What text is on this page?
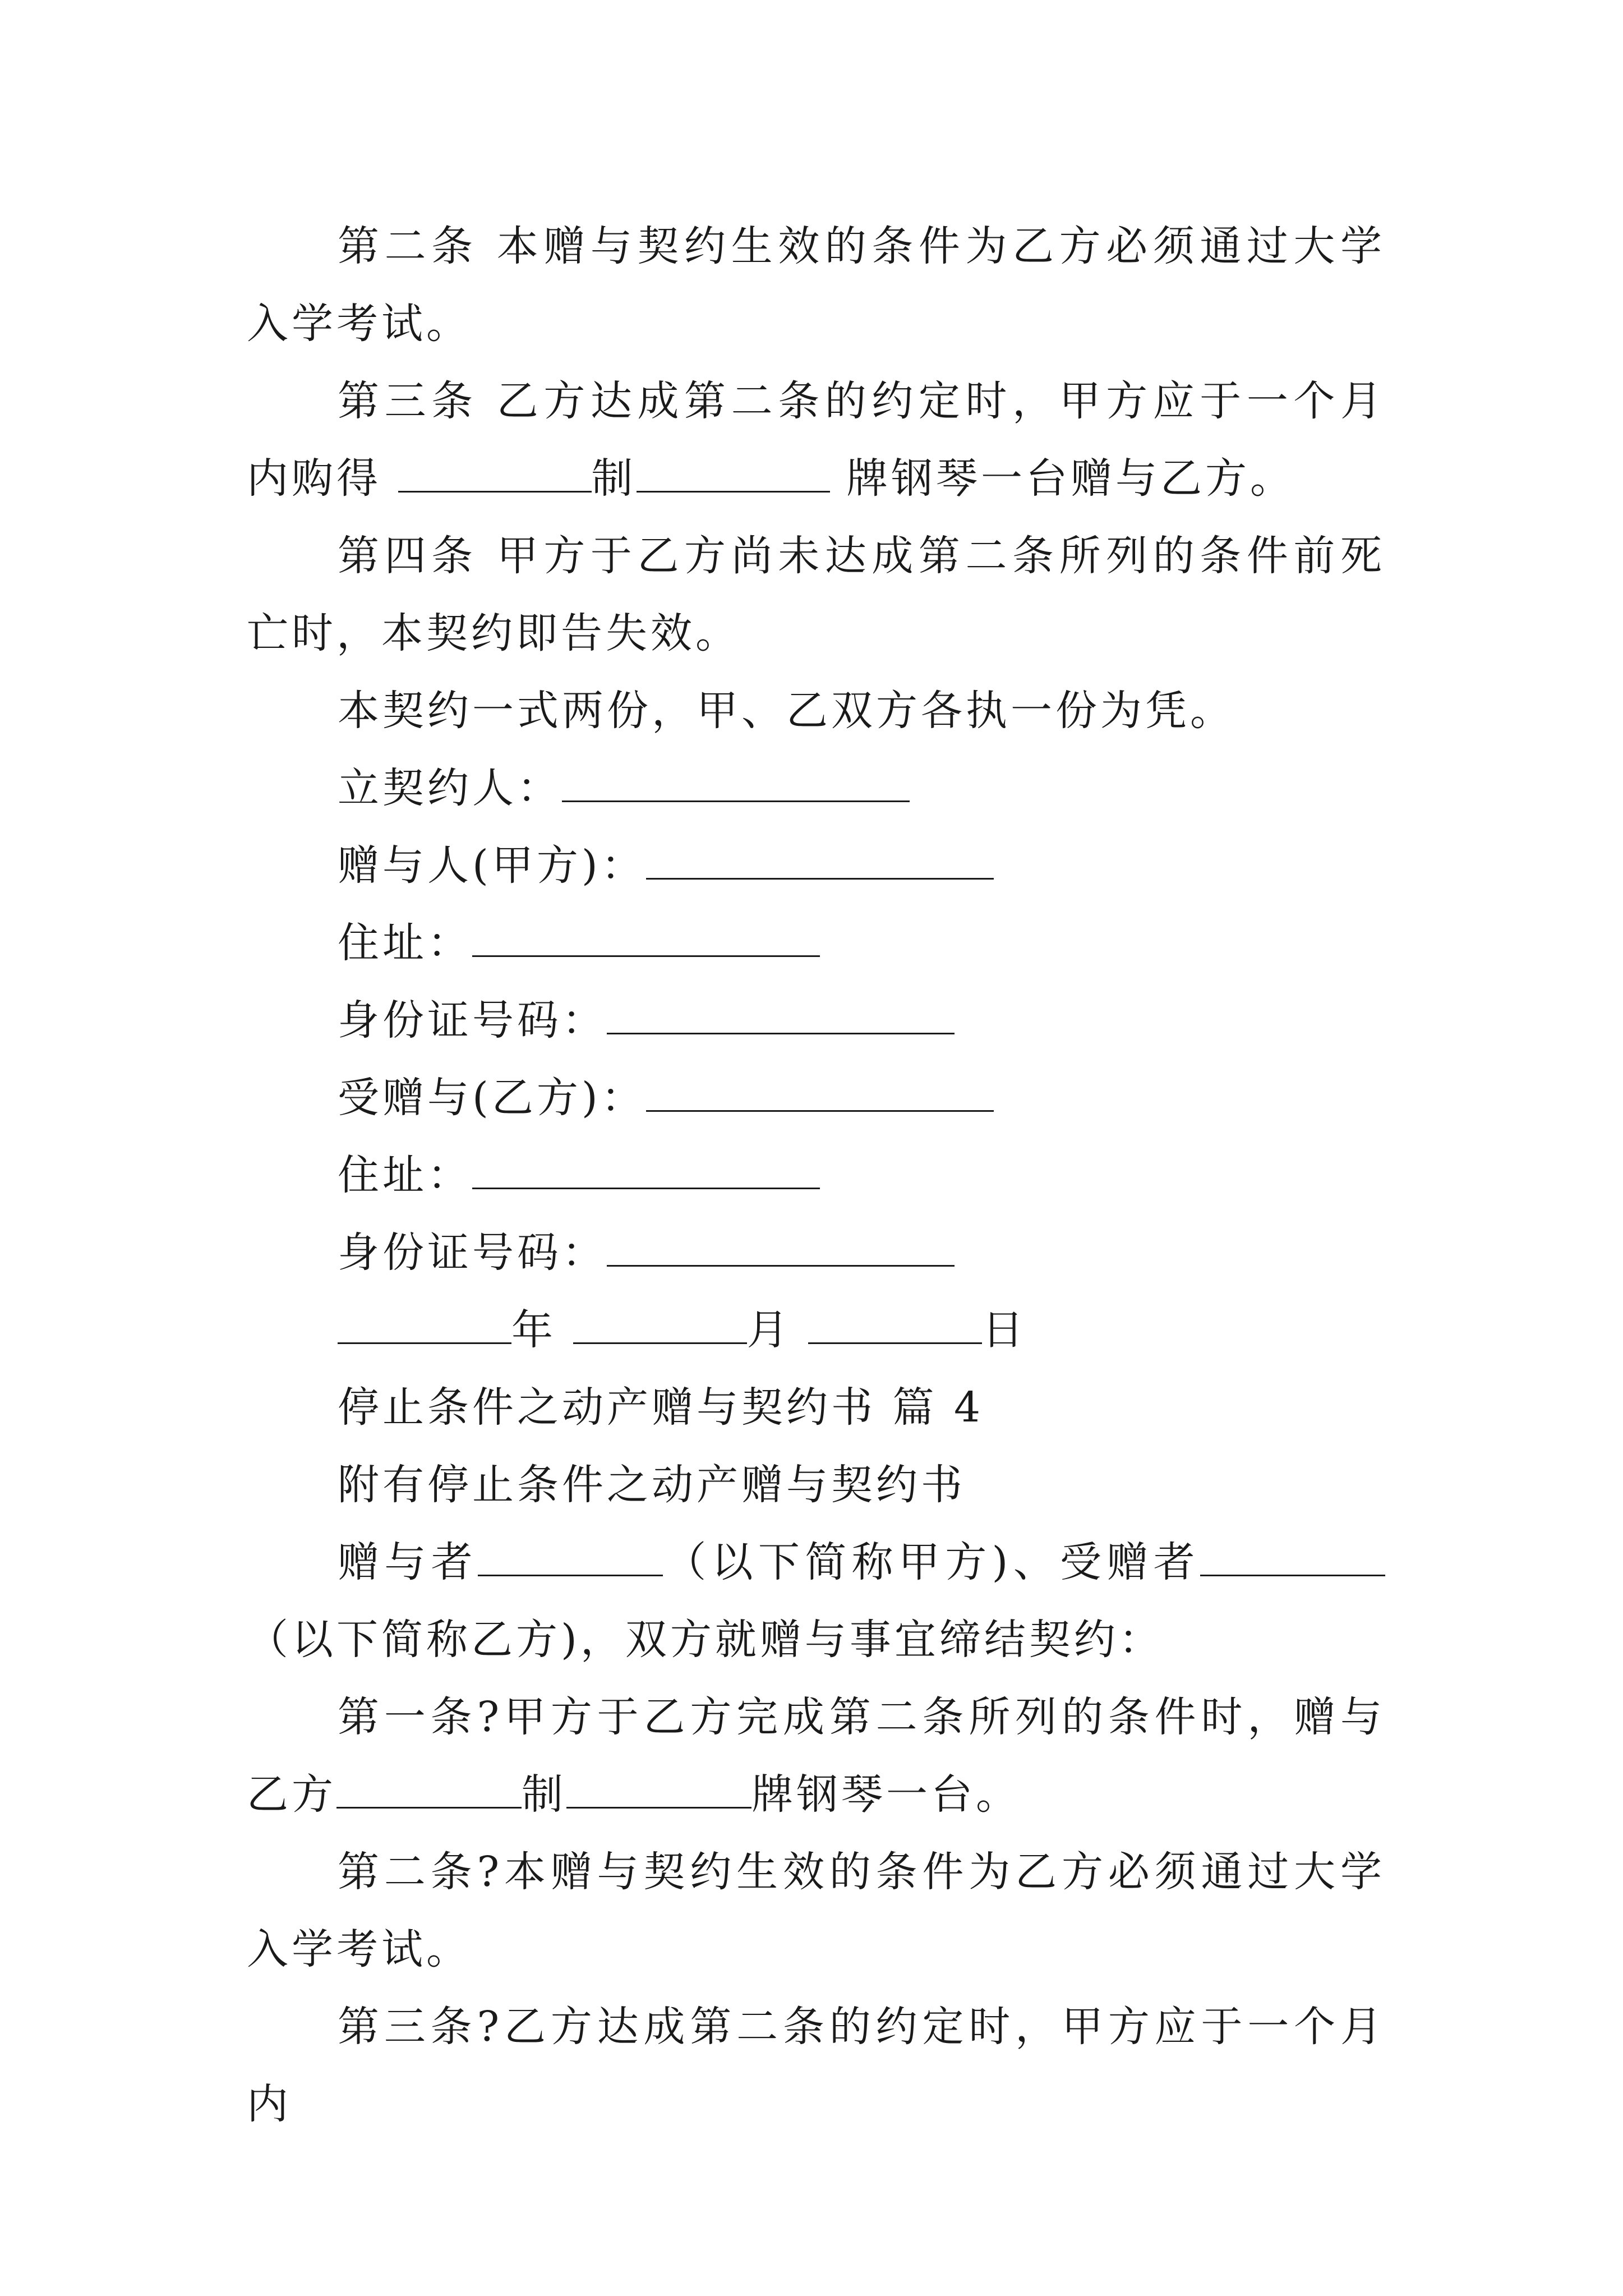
第二条 本赠与契约生效的条件为乙方必须通过大学入学考试。

第三条 乙方达成第二条的约定时，甲方应于一个月内购得	制	牌钢琴一台赠与乙方。

第四条 甲方于乙方尚未达成第二条所列的条件前死亡时，本契约即告失效。

本契约一式两份，甲、乙双方各执一份为凭。

立契约人：

赠与人(甲方)：

住址：

身份证号码：

受赠与(乙方)：

住址：

身份证号码：

年	月	日

停止条件之动产赠与契约书 篇 4

附有停止条件之动产赠与契约书

赠与者	（以下简称甲方)、受赠者（以下简称乙方)，双方就赠与事宜缔结契约：

第一条?甲方于乙方完成第二条所列的条件时，赠与乙方	制	牌钢琴一台。

第二条?本赠与契约生效的条件为乙方必须通过大学入学考试。

第三条?乙方达成第二条的约定时，甲方应于一个月内
